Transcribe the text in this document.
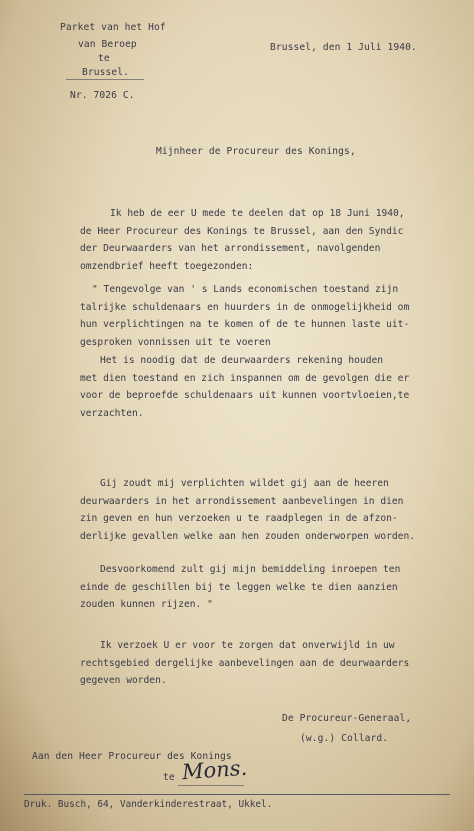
Parket van het Hof
van Beroep
te
Brussel.
Nr. 7026 C.
Brussel, den 1 Juli 1940.
Mijnheer de Procureur des Konings,
Ik heb de eer U mede te deelen dat op 18 Juni 1940,
de Heer Procureur des Konings te Brussel, aan den Syndic
der Deurwaarders van het arrondissement, navolgenden
omzendbrief heeft toegezonden:
" Tengevolge van ' s Lands economischen toestand zijn
talrijke schuldenaars en huurders in de onmogelijkheid om
hun verplichtingen na te komen of de te hunnen laste uit-
gesproken vonnissen uit te voeren
Het is noodig dat de deurwaarders rekening houden
met dien toestand en zich inspannen om de gevolgen die er
voor de beproefde schuldenaars uit kunnen voortvloeien,te
verzachten.
Gij zoudt mij verplichten wildet gij aan de heeren
deurwaarders in het arrondissement aanbevelingen in dien
zin geven en hun verzoeken u te raadplegen in de afzon-
derlijke gevallen welke aan hen zouden onderworpen worden.
Desvoorkomend zult gij mijn bemiddeling inroepen ten
einde de geschillen bij te leggen welke te dien aanzien
zouden kunnen rijzen. "
Ik verzoek U er voor te zorgen dat onverwijld in uw
rechtsgebied dergelijke aanbevelingen aan de deurwaarders
gegeven worden.
De Procureur-Generaal,
(w.g.) Collard.
Aan den Heer Procureur des Konings
te Mons.
Druk. Busch, 64, Vanderkinderestraat, Ukkel.
